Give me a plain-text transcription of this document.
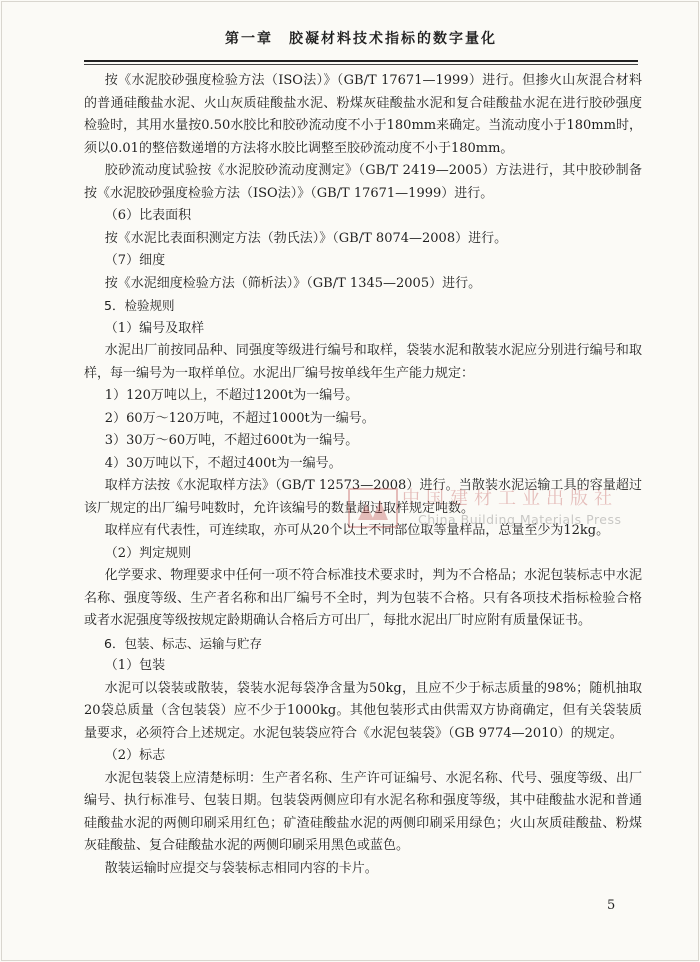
第一章　胶凝材料技术指标的数字量化

按《水泥胶砂强度检验方法（ISO法）》（GB/T 17671—1999）进行。但掺火山灰混合材料的普通硅酸盐水泥、火山灰质硅酸盐水泥、粉煤灰硅酸盐水泥和复合硅酸盐水泥在进行胶砂强度检验时，其用水量按0.50水胶比和胶砂流动度不小于180mm来确定。当流动度小于180mm时，须以0.01的整倍数递增的方法将水胶比调整至胶砂流动度不小于180mm。

胶砂流动度试验按《水泥胶砂流动度测定》（GB/T 2419—2005）方法进行，其中胶砂制备按《水泥胶砂强度检验方法（ISO法）》（GB/T 17671—1999）进行。

（6）比表面积

按《水泥比表面积测定方法（勃氏法）》（GB/T 8074—2008）进行。

（7）细度

按《水泥细度检验方法（筛析法）》（GB/T 1345—2005）进行。

5．检验规则

（1）编号及取样

水泥出厂前按同品种、同强度等级进行编号和取样，袋装水泥和散装水泥应分别进行编号和取样，每一编号为一取样单位。水泥出厂编号按单线年生产能力规定：

1）120万吨以上，不超过1200t为一编号。

2）60万～120万吨，不超过1000t为一编号。

3）30万～60万吨，不超过600t为一编号。

4）30万吨以下，不超过400t为一编号。

取样方法按《水泥取样方法》（GB/T 12573—2008）进行。当散装水泥运输工具的容量超过该厂规定的出厂编号吨数时，允许该编号的数量超过取样规定吨数。

取样应有代表性，可连续取，亦可从20个以上不同部位取等量样品，总量至少为12kg。

（2）判定规则

化学要求、物理要求中任何一项不符合标准技术要求时，判为不合格品；水泥包装标志中水泥名称、强度等级、生产者名称和出厂编号不全时，判为包装不合格。只有各项技术指标检验合格或者水泥强度等级按规定龄期确认合格后方可出厂，每批水泥出厂时应附有质量保证书。

6．包装、标志、运输与贮存

（1）包装

水泥可以袋装或散装，袋装水泥每袋净含量为50kg，且应不少于标志质量的98%；随机抽取20袋总质量（含包装袋）应不少于1000kg。其他包装形式由供需双方协商确定，但有关袋装质量要求，必须符合上述规定。水泥包装袋应符合《水泥包装袋》（GB 9774—2010）的规定。

（2）标志

水泥包装袋上应清楚标明：生产者名称、生产许可证编号、水泥名称、代号、强度等级、出厂编号、执行标准号、包装日期。包装袋两侧应印有水泥名称和强度等级，其中硅酸盐水泥和普通硅酸盐水泥的两侧印刷采用红色；矿渣硅酸盐水泥的两侧印刷采用绿色；火山灰质硅酸盐、粉煤灰硅酸盐、复合硅酸盐水泥的两侧印刷采用黑色或蓝色。

散装运输时应提交与袋装标志相同内容的卡片。

中国建材工业出版社
China Building Materials Press
5
